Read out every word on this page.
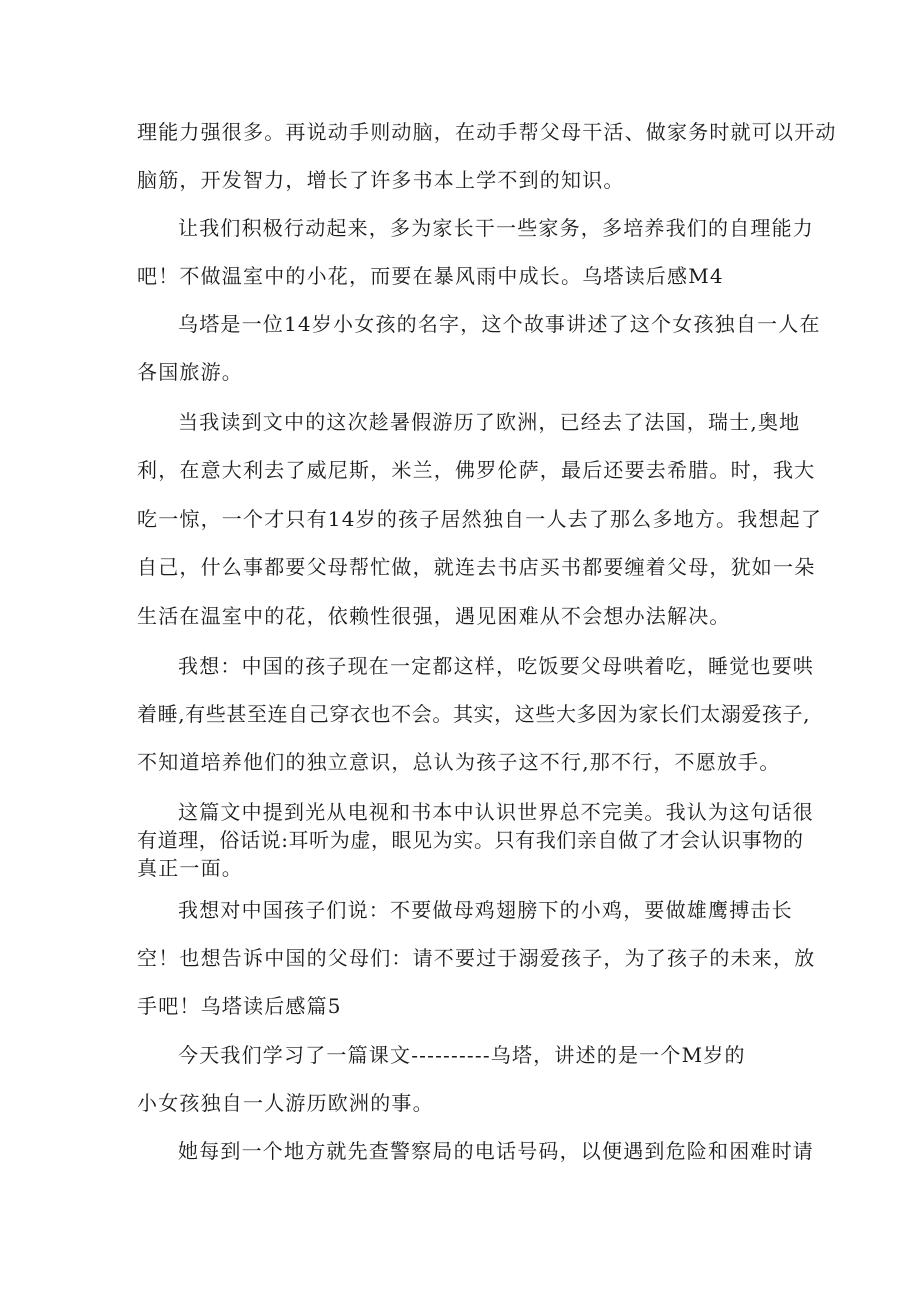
理能力强很多。再说动手则动脑，在动手帮父母干活、做家务时就可以开动
脑筋，开发智力，增长了许多书本上学不到的知识。
让我们积极行动起来，多为家长干一些家务，多培养我们的自理能力
吧！不做温室中的小花，而要在暴风雨中成长。乌塔读后感M4
乌塔是一位14岁小女孩的名字，这个故事讲述了这个女孩独自一人在
各国旅游。
当我读到文中的这次趁暑假游历了欧洲，已经去了法国，瑞士,奥地
利，在意大利去了威尼斯，米兰，佛罗伦萨，最后还要去希腊。时，我大
吃一惊，一个才只有14岁的孩子居然独自一人去了那么多地方。我想起了
自己，什么事都要父母帮忙做，就连去书店买书都要缠着父母，犹如一朵
生活在温室中的花，依赖性很强，遇见困难从不会想办法解决。
我想：中国的孩子现在一定都这样，吃饭要父母哄着吃，睡觉也要哄
着睡,有些甚至连自己穿衣也不会。其实，这些大多因为家长们太溺爱孩子,
不知道培养他们的独立意识，总认为孩子这不行,那不行，不愿放手。
这篇文中提到光从电视和书本中认识世界总不完美。我认为这句话很
有道理，俗话说:耳听为虚，眼见为实。只有我们亲自做了才会认识事物的
真正一面。
我想对中国孩子们说：不要做母鸡翅膀下的小鸡，要做雄鹰搏击长
空！也想告诉中国的父母们：请不要过于溺爱孩子，为了孩子的未来，放
手吧！乌塔读后感篇5
今天我们学习了一篇课文----------乌塔，讲述的是一个M岁的
小女孩独自一人游历欧洲的事。
她每到一个地方就先查警察局的电话号码，以便遇到危险和困难时请
